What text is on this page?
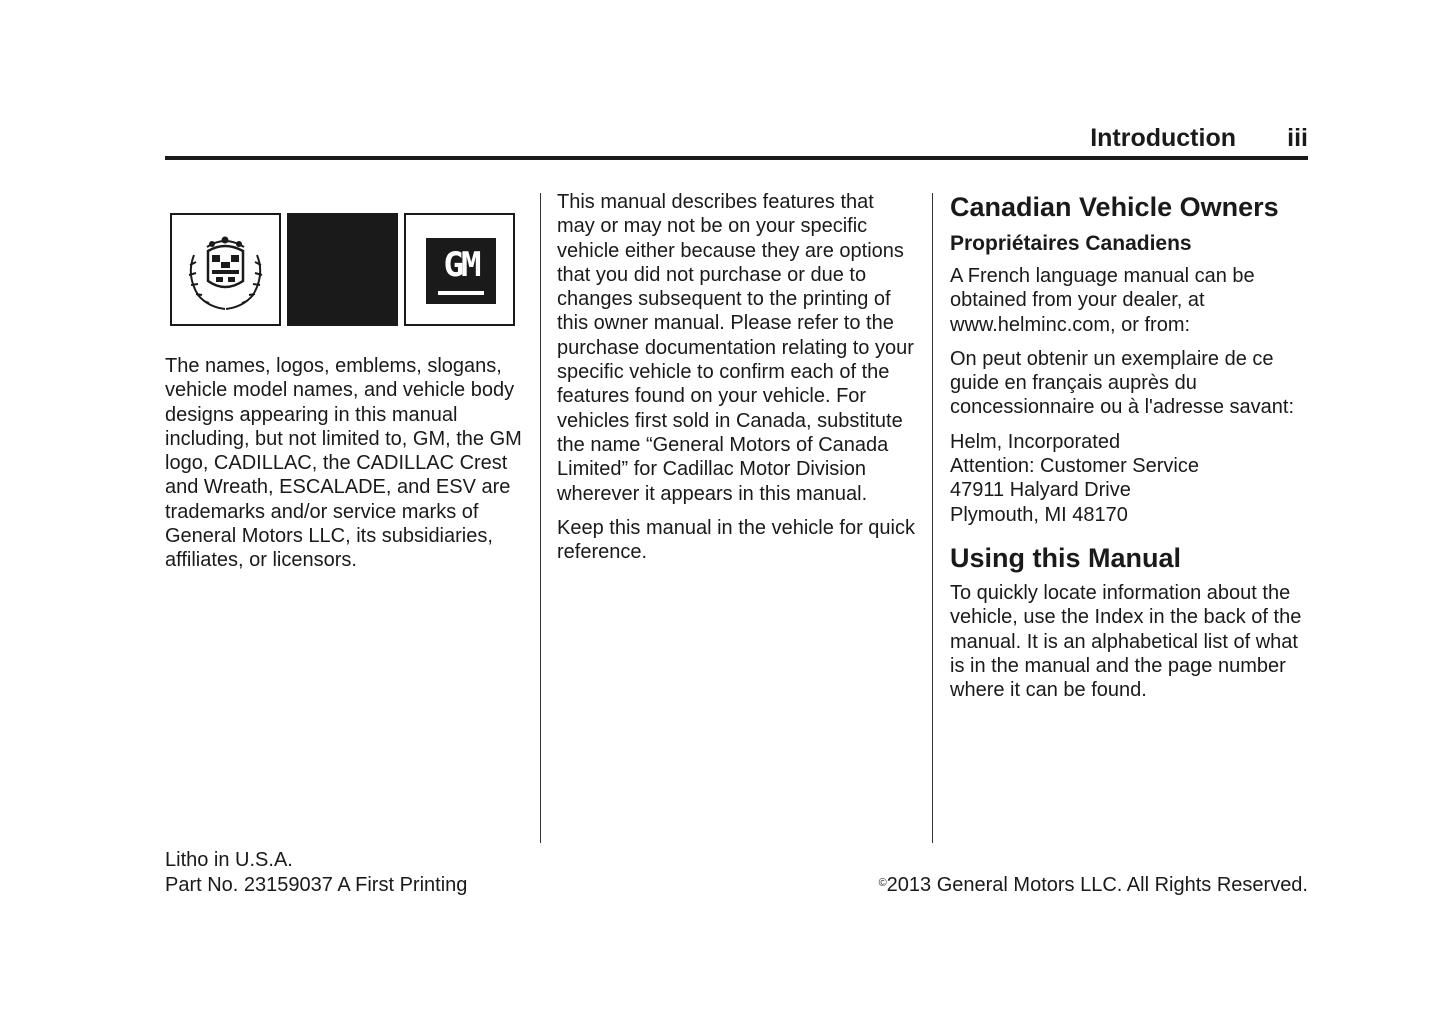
Introduction iii
GM

The names, logos, emblems, slogans, vehicle model names, and vehicle body designs appearing in this manual including, but not limited to, GM, the GM logo, CADILLAC, the CADILLAC Crest and Wreath, ESCALADE, and ESV are trademarks and/or service marks of General Motors LLC, its subsidiaries, affiliates, or licensors.

This manual describes features that may or may not be on your specific vehicle either because they are options that you did not purchase or due to changes subsequent to the printing of this owner manual. Please refer to the purchase documentation relating to your specific vehicle to confirm each of the features found on your vehicle. For vehicles first sold in Canada, substitute the name “General Motors of Canada Limited” for Cadillac Motor Division wherever it appears in this manual.

Keep this manual in the vehicle for quick reference.

Canadian Vehicle Owners
Propriétaires Canadiens

A French language manual can be obtained from your dealer, at www.helminc.com, or from:

On peut obtenir un exemplaire de ce guide en français auprès du concessionnaire ou à l'adresse savant:

Helm, Incorporated
Attention: Customer Service
47911 Halyard Drive
Plymouth, MI 48170

Using this Manual

To quickly locate information about the vehicle, use the Index in the back of the manual. It is an alphabetical list of what is in the manual and the page number where it can be found.

Litho in U.S.A.
Part No. 23159037 A First Printing	©2013 General Motors LLC. All Rights Reserved.
